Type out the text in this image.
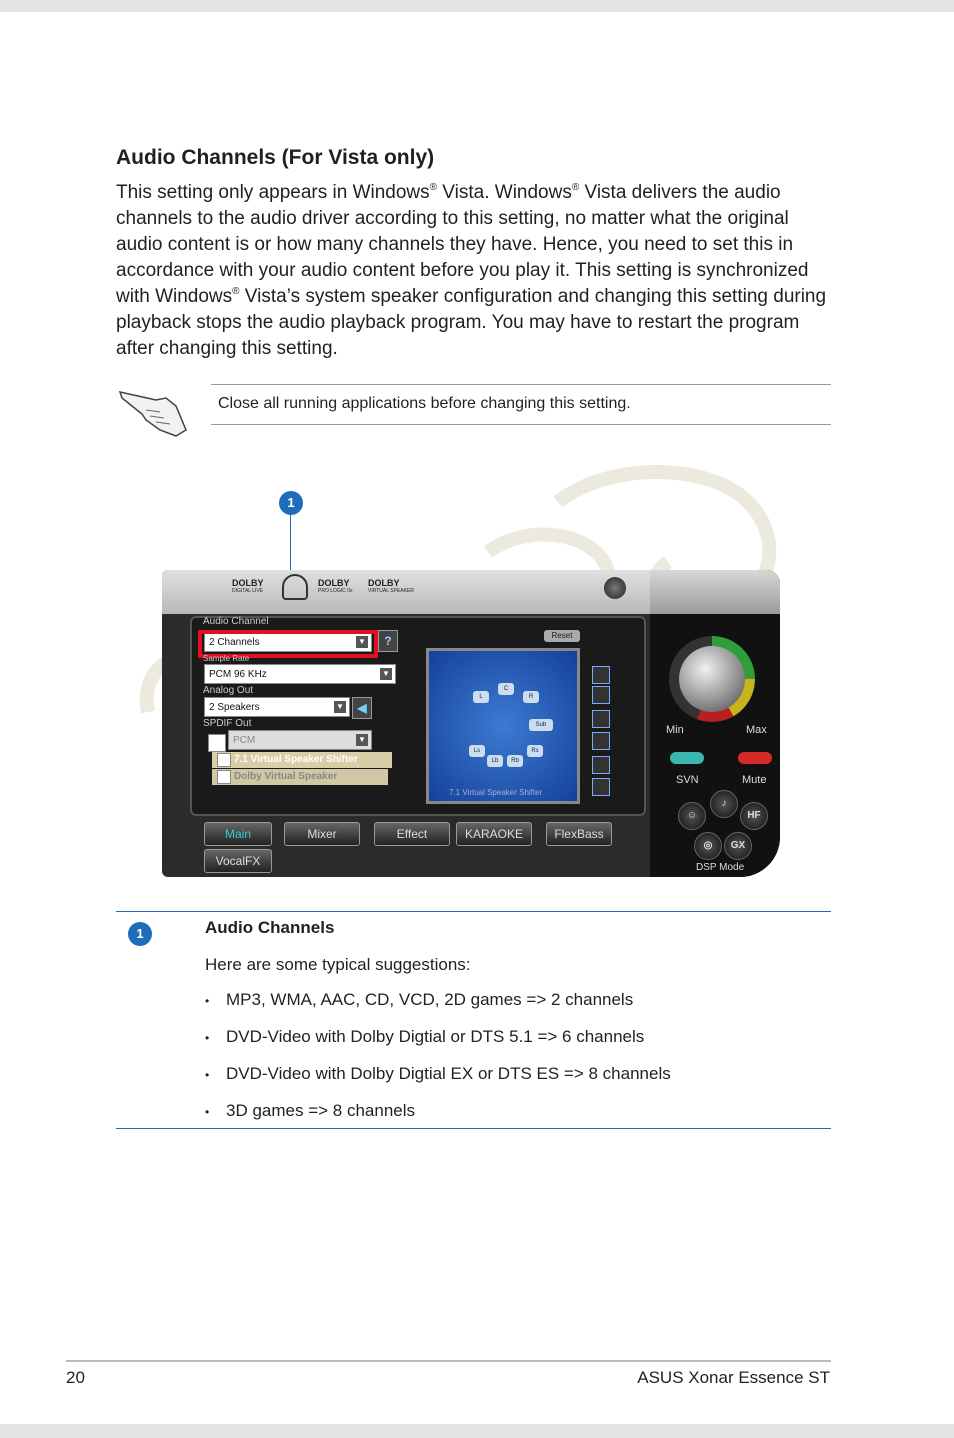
Audio Channels (For Vista only)
This setting only appears in Windows® Vista. Windows® Vista delivers the audio channels to the audio driver according to this setting, no matter what the original audio content is or how many channels they have. Hence, you need to set this in accordance with your audio content before you play it. This setting is synchronized with Windows® Vista’s system speaker configuration and changing this setting during playback stops the audio playback program. You may have to restart the program after changing this setting.
Close all running applications before changing this setting.
1
DOLBY
DIGITAL LIVE
DOLBY
PRO LOGIC IIx
DOLBY
VIRTUAL SPEAKER
Audio Channel
2 Channels	▼	?
Sample Rate
PCM 96 KHz	▼
Analog Out
2 Speakers	▼	◀
SPDIF Out
PCM	▼
7.1 Virtual Speaker Shifter
Dolby Virtual Speaker
Reset
L
C
R
Sub
Ls	Rs
Lb	Rb
7.1 Virtual Speaker Shifter
Main	Mixer	Effect	KARAOKE	FlexBass
VocalFX
Min	Max
SVN	Mute
♪
☺	HF
◎	GX
DSP Mode
1	Audio Channels
Here are some typical suggestions:
• MP3, WMA, AAC, CD, VCD, 2D games => 2 channels
• DVD-Video with Dolby Digtial or DTS 5.1 => 6 channels
• DVD-Video with Dolby Digtial EX or DTS ES => 8 channels
• 3D games => 8 channels
20	ASUS Xonar Essence ST
